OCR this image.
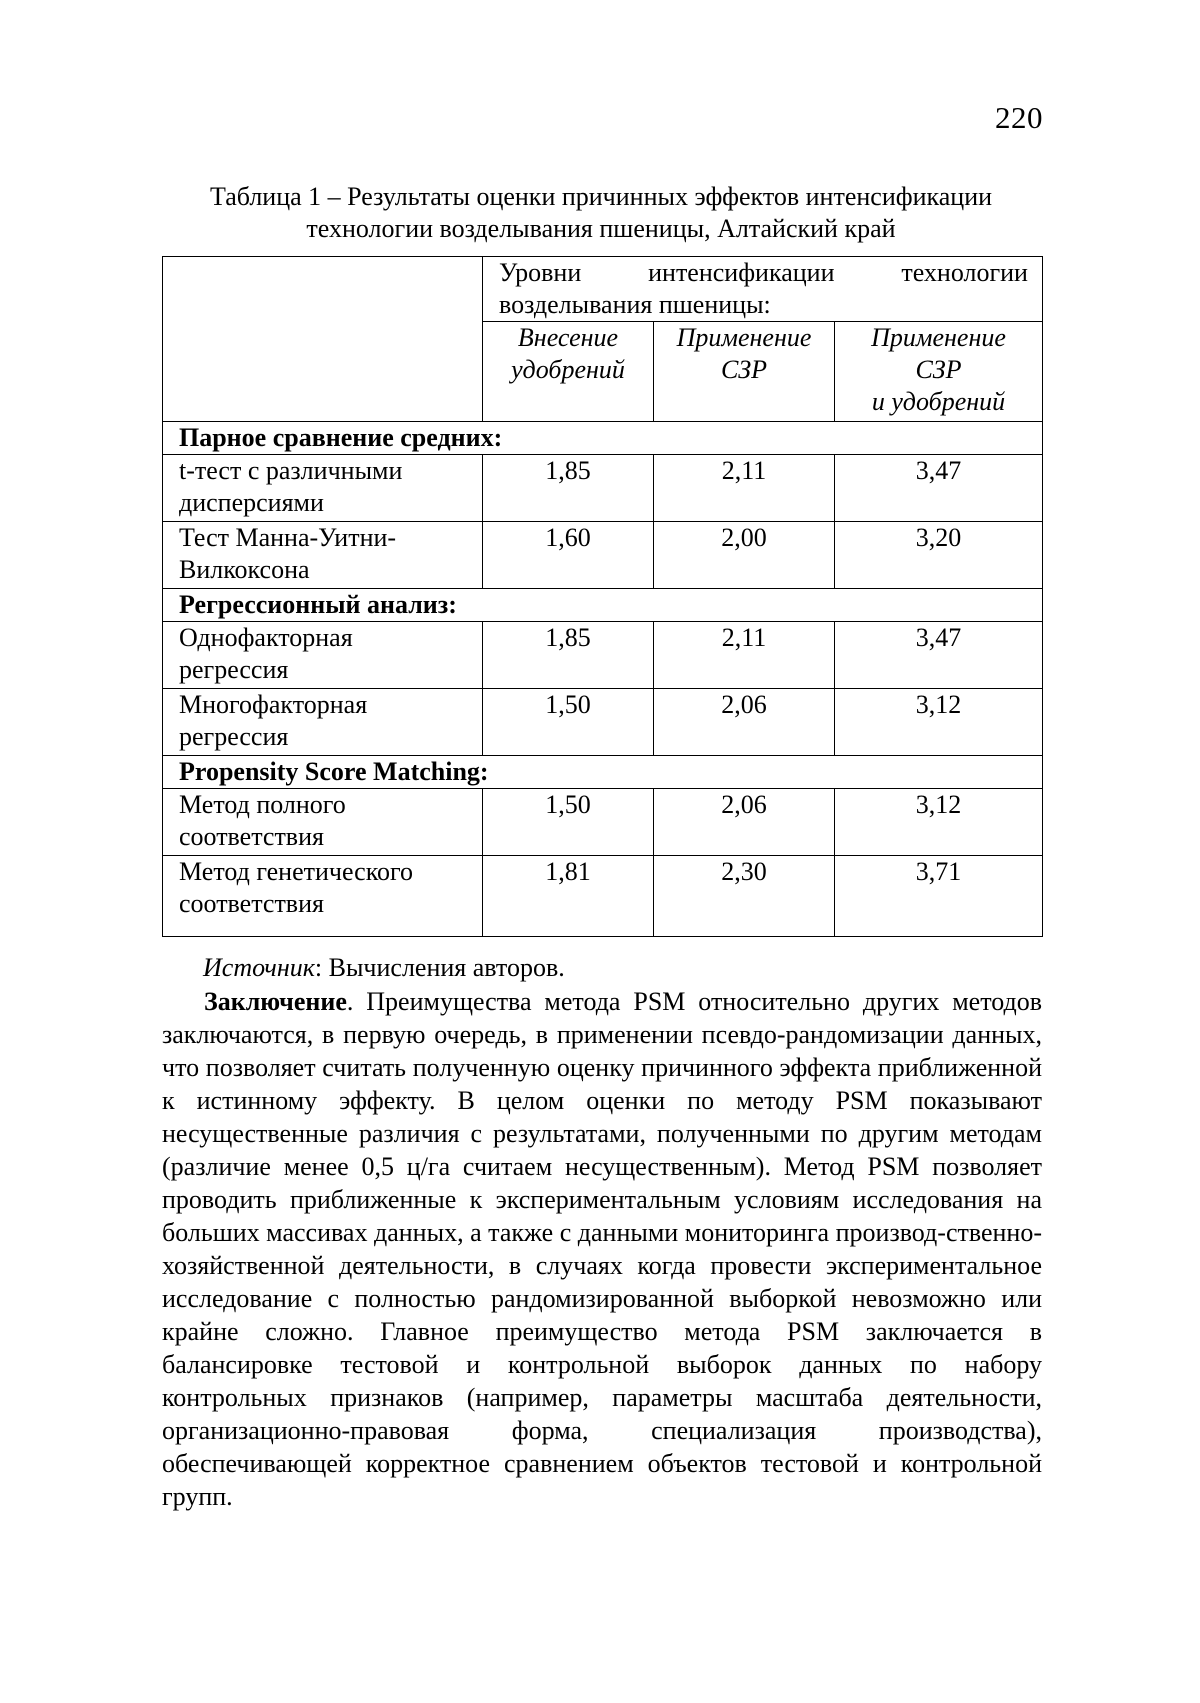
220
Таблица 1 – Результаты оценки причинных эффектов интенсификации
технологии возделывания пшеницы, Алтайский край

Уровни	интенсификации	технологии
возделывания пшеницы:

Внесение
удобрений

Применение
СЗР

Применение
СЗР
и удобрений

Парное сравнение средних:

t-тест с различными
дисперсиями
	1,85	2,11	3,47

Тест Манна-Уитни-
Вилкоксона
	1,60	2,00	3,20
Регрессионный анализ:

Однофакторная
регрессия
	1,85	2,11	3,47

Многофакторная
регрессия
	1,50	2,06	3,12
Propensity Score Matching:

Метод полного
соответствия
	1,50	2,06	3,12

Метод генетического
соответствия
	1,81	2,30	3,71
Источник: Вычисления авторов.

Заключение. Преимущества метода PSM относительно других методов заключаются, в первую очередь, в применении псевдо-рандомизации данных, что позволяет считать полученную оценку причинного эффекта приближенной к истинному эффекту. В целом оценки по методу PSM показывают несущественные различия с результатами, полученными по другим методам (различие менее 0,5 ц/га считаем несущественным). Метод PSM позволяет проводить приближенные к экспериментальным условиям исследования на больших массивах данных, а также с данными мониторинга производ-ственно-хозяйственной деятельности, в случаях когда провести экспериментальное исследование с полностью рандомизированной выборкой невозможно или крайне сложно. Главное преимущество метода PSM заключается в балансировке тестовой и контрольной выборок данных по набору контрольных признаков (например, параметры масштаба деятельности, организационно-правовая форма, специализация производства), обеспечивающей корректное сравнением объектов тестовой и контрольной групп.
